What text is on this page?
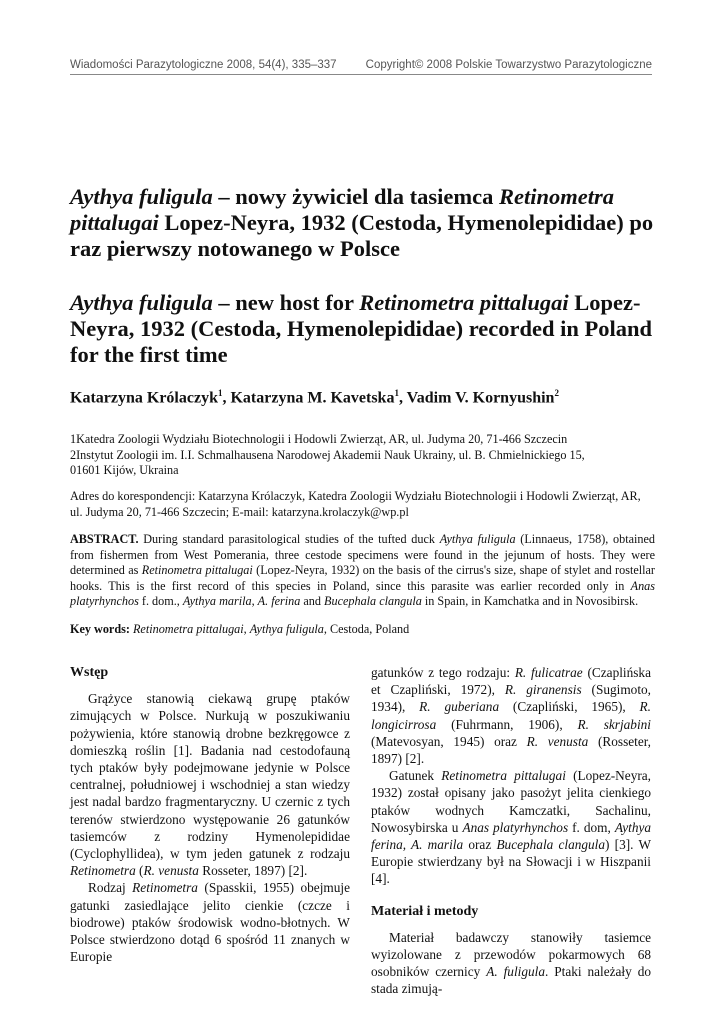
Wiadomości Parazytologiczne 2008, 54(4), 335–337	Copyright© 2008 Polskie Towarzystwo Parazytologiczne
Aythya fuligula – nowy żywiciel dla tasiemca Retinometra pittalugai Lopez-Neyra, 1932 (Cestoda, Hymenolepididae) po raz pierwszy notowanego w Polsce
Aythya fuligula – new host for Retinometra pittalugai Lopez-Neyra, 1932 (Cestoda, Hymenolepididae) recorded in Poland for the first time
Katarzyna Królaczyk$^1$, Katarzyna M. Kavetska$^1$, Vadim V. Kornyushin$^2$
1Katedra Zoologii Wydziału Biotechnologii i Hodowli Zwierząt, AR, ul. Judyma 20, 71-466 Szczecin
2Instytut Zoologii im. I.I. Schmalhausena Narodowej Akademii Nauk Ukrainy, ul. B. Chmielnickiego 15,
01601 Kijów, Ukraina
Adres do korespondencji: Katarzyna Królaczyk, Katedra Zoologii Wydziału Biotechnologii i Hodowli Zwierząt, AR, ul. Judyma 20, 71-466 Szczecin; E-mail: katarzyna.krolaczyk@wp.pl
ABSTRACT. During standard parasitological studies of the tufted duck Aythya fuligula (Linnaeus, 1758), obtained from fishermen from West Pomerania, three cestode specimens were found in the jejunum of hosts. They were determined as Retinometra pittalugai (Lopez-Neyra, 1932) on the basis of the cirrus's size, shape of stylet and rostellar hooks. This is the first record of this species in Poland, since this parasite was earlier recorded only in Anas platyrhynchos f. dom., Aythya marila, A. ferina and Bucephala clangula in Spain, in Kamchatka and in Novosibirsk.
Key words: Retinometra pittalugai, Aythya fuligula, Cestoda, Poland
Wstęp

Grążyce stanowią ciekawą grupę ptaków zimujących w Polsce. Nurkują w poszukiwaniu pożywienia, które stanowią drobne bezkręgowce z domieszką roślin [1]. Badania nad cestodofauną tych ptaków były podejmowane jedynie w Polsce centralnej, południowej i wschodniej a stan wiedzy jest nadal bardzo fragmentaryczny. U czernic z tych terenów stwierdzono występowanie 26 gatunków tasiemców z rodziny Hymenolepididae (Cyclophyllidea), w tym jeden gatunek z rodzaju Retinometra (R. venusta Rosseter, 1897) [2].

Rodzaj Retinometra (Spasskii, 1955) obejmuje gatunki zasiedlające jelito cienkie (czcze i biodrowe) ptaków środowisk wodno-błotnych. W Polsce stwierdzono dotąd 6 spośród 11 znanych w Europie

gatunków z tego rodzaju: R. fulicatrae (Czaplińska et Czapliński, 1972), R. giranensis (Sugimoto, 1934), R. guberiana (Czapliński, 1965), R. longicirrosa (Fuhrmann, 1906), R. skrjabini (Matevosyan, 1945) oraz R. venusta (Rosseter, 1897) [2].

Gatunek Retinometra pittalugai (Lopez-Neyra, 1932) został opisany jako pasożyt jelita cienkiego ptaków wodnych Kamczatki, Sachalinu, Nowosybirska u Anas platyrhynchos f. dom, Aythya ferina, A. marila oraz Bucephala clangula) [3]. W Europie stwierdzany był na Słowacji i w Hiszpanii [4].

Materiał i metody

Materiał badawczy stanowiły tasiemce wyizolowane z przewodów pokarmowych 68 osobników czernicy A. fuligula. Ptaki należały do stada zimują-
